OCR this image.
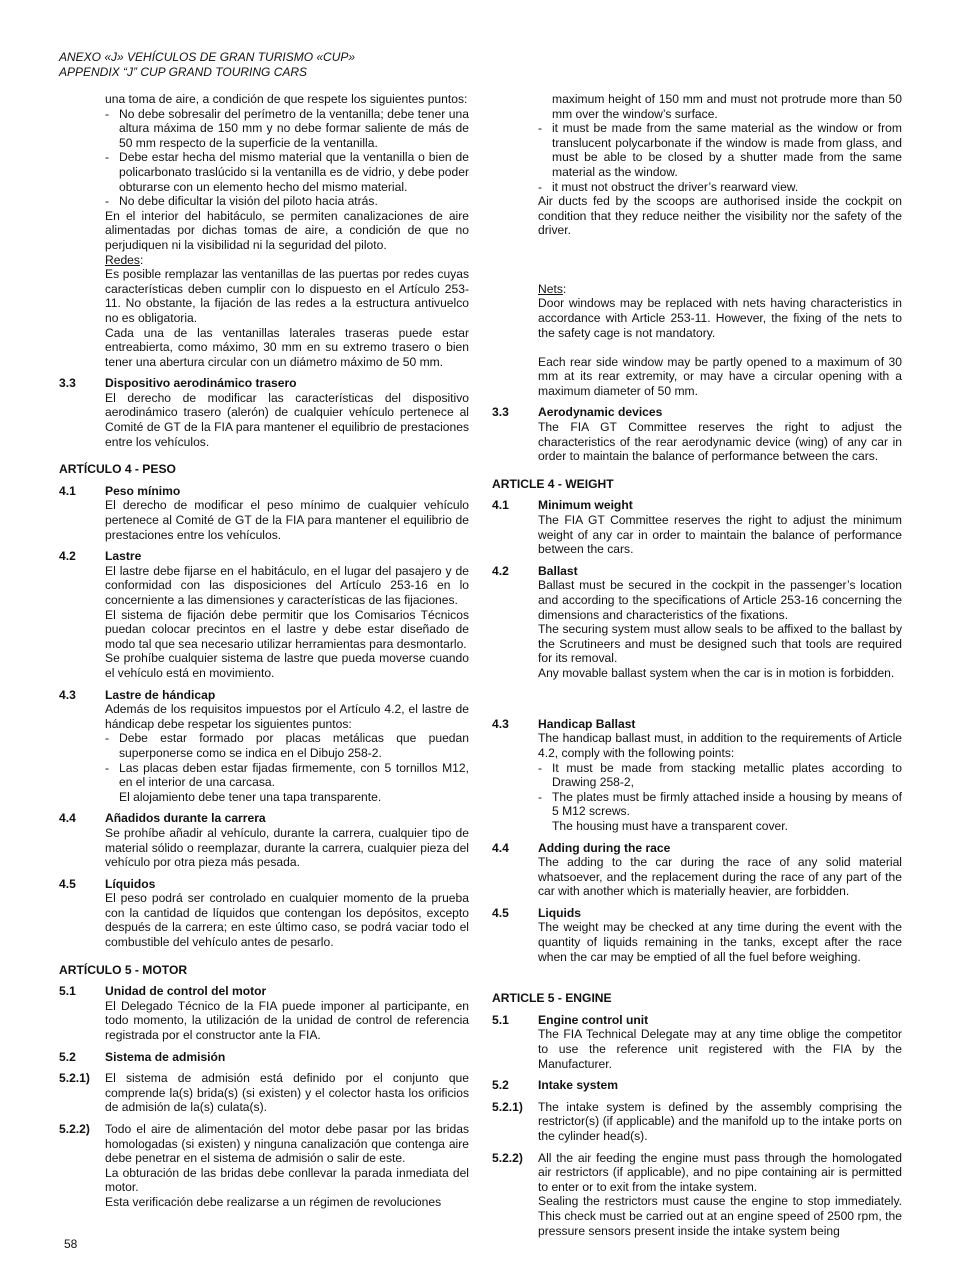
ANEXO «J» VEHÍCULOS DE GRAN TURISMO «CUP»
APPENDIX “J” CUP GRAND TOURING CARS

una toma de aire, a condición de que respete los siguientes puntos:

- No debe sobresalir del perímetro de la ventanilla; debe tener una altura máxima de 150 mm y no debe formar saliente de más de 50 mm respecto de la superficie de la ventanilla.
- Debe estar hecha del mismo material que la ventanilla o bien de policarbonato traslúcido si la ventanilla es de vidrio, y debe poder obturarse con un elemento hecho del mismo material.
- No debe dificultar la visión del piloto hacia atrás.

En el interior del habitáculo, se permiten canalizaciones de aire alimentadas por dichas tomas de aire, a condición de que no perjudiquen ni la visibilidad ni la seguridad del piloto.

Redes:

Es posible remplazar las ventanillas de las puertas por redes cuyas características deben cumplir con lo dispuesto en el Artículo 253-11. No obstante, la fijación de las redes a la estructura antivuelco no es obligatoria.

Cada una de las ventanillas laterales traseras puede estar entreabierta, como máximo, 30 mm en su extremo trasero o bien tener una abertura circular con un diámetro máximo de 50 mm.

3.3	Dispositivo aerodinámico trasero

El derecho de modificar las características del dispositivo aerodinámico trasero (alerón) de cualquier vehículo pertenece al Comité de GT de la FIA para mantener el equilibrio de prestaciones entre los vehículos.

ARTÍCULO 4 - PESO

4.1	Peso mínimo

El derecho de modificar el peso mínimo de cualquier vehículo pertenece al Comité de GT de la FIA para mantener el equilibrio de prestaciones entre los vehículos.

4.2	Lastre

El lastre debe fijarse en el habitáculo, en el lugar del pasajero y de conformidad con las disposiciones del Artículo 253-16 en lo concerniente a las dimensiones y características de las fijaciones.

El sistema de fijación debe permitir que los Comisarios Técnicos puedan colocar precintos en el lastre y debe estar diseñado de modo tal que sea necesario utilizar herramientas para desmontarlo.

Se prohíbe cualquier sistema de lastre que pueda moverse cuando el vehículo está en movimiento.

4.3	Lastre de hándicap

Además de los requisitos impuestos por el Artículo 4.2, el lastre de hándicap debe respetar los siguientes puntos:

- Debe estar formado por placas metálicas que puedan superponerse como se indica en el Dibujo 258-2.
- Las placas deben estar fijadas firmemente, con 5 tornillos M12, en el interior de una carcasa.

El alojamiento debe tener una tapa transparente.

4.4	Añadidos durante la carrera

Se prohíbe añadir al vehículo, durante la carrera, cualquier tipo de material sólido o reemplazar, durante la carrera, cualquier pieza del vehículo por otra pieza más pesada.

4.5	Líquidos

El peso podrá ser controlado en cualquier momento de la prueba con la cantidad de líquidos que contengan los depósitos, excepto después de la carrera; en este último caso, se podrá vaciar todo el combustible del vehículo antes de pesarlo.

ARTÍCULO 5 - MOTOR

5.1	Unidad de control del motor

El Delegado Técnico de la FIA puede imponer al participante, en todo momento, la utilización de la unidad de control de referencia registrada por el constructor ante la FIA.

5.2	Sistema de admisión
5.2.1)	El sistema de admisión está definido por el conjunto que comprende la(s) brida(s) (si existen) y el colector hasta los orificios de admisión de la(s) culata(s).

5.2.2)	Todo el aire de alimentación del motor debe pasar por las bridas homologadas (si existen) y ninguna canalización que contenga aire debe penetrar en el sistema de admisión o salir de este.

La obturación de las bridas debe conllevar la parada inmediata del motor.

Esta verificación debe realizarse a un régimen de revoluciones

maximum height of 150 mm and must not protrude more than 50 mm over the window’s surface.
- it must be made from the same material as the window or from translucent polycarbonate if the window is made from glass, and must be able to be closed by a shutter made from the same material as the window.
- it must not obstruct the driver’s rearward view.

Air ducts fed by the scoops are authorised inside the cockpit on condition that they reduce neither the visibility nor the safety of the driver.

Nets:

Door windows may be replaced with nets having characteristics in accordance with Article 253-11. However, the fixing of the nets to the safety cage is not mandatory.

Each rear side window may be partly opened to a maximum of 30 mm at its rear extremity, or may have a circular opening with a maximum diameter of 50 mm.

3.3	Aerodynamic devices

The FIA GT Committee reserves the right to adjust the characteristics of the rear aerodynamic device (wing) of any car in order to maintain the balance of performance between the cars.

ARTICLE 4 - WEIGHT

4.1	Minimum weight

The FIA GT Committee reserves the right to adjust the minimum weight of any car in order to maintain the balance of performance between the cars.

4.2	Ballast

Ballast must be secured in the cockpit in the passenger’s location and according to the specifications of Article 253-16 concerning the dimensions and characteristics of the fixations.

The securing system must allow seals to be affixed to the ballast by the Scrutineers and must be designed such that tools are required for its removal.

Any movable ballast system when the car is in motion is forbidden.

4.3	Handicap Ballast

The handicap ballast must, in addition to the requirements of Article 4.2, comply with the following points:

- It must be made from stacking metallic plates according to Drawing 258-2,
- The plates must be firmly attached inside a housing by means of 5 M12 screws.

The housing must have a transparent cover.

4.4	Adding during the race

The adding to the car during the race of any solid material whatsoever, and the replacement during the race of any part of the car with another which is materially heavier, are forbidden.

4.5	Liquids

The weight may be checked at any time during the event with the quantity of liquids remaining in the tanks, except after the race when the car may be emptied of all the fuel before weighing.

ARTICLE 5 - ENGINE

5.1	Engine control unit

The FIA Technical Delegate may at any time oblige the competitor to use the reference unit registered with the FIA by the Manufacturer.

5.2	Intake system
5.2.1)	The intake system is defined by the assembly comprising the restrictor(s) (if applicable) and the manifold up to the intake ports on the cylinder head(s).

5.2.2)	All the air feeding the engine must pass through the homologated air restrictors (if applicable), and no pipe containing air is permitted to enter or to exit from the intake system.

Sealing the restrictors must cause the engine to stop immediately. This check must be carried out at an engine speed of 2500 rpm, the pressure sensors present inside the intake system being

58
